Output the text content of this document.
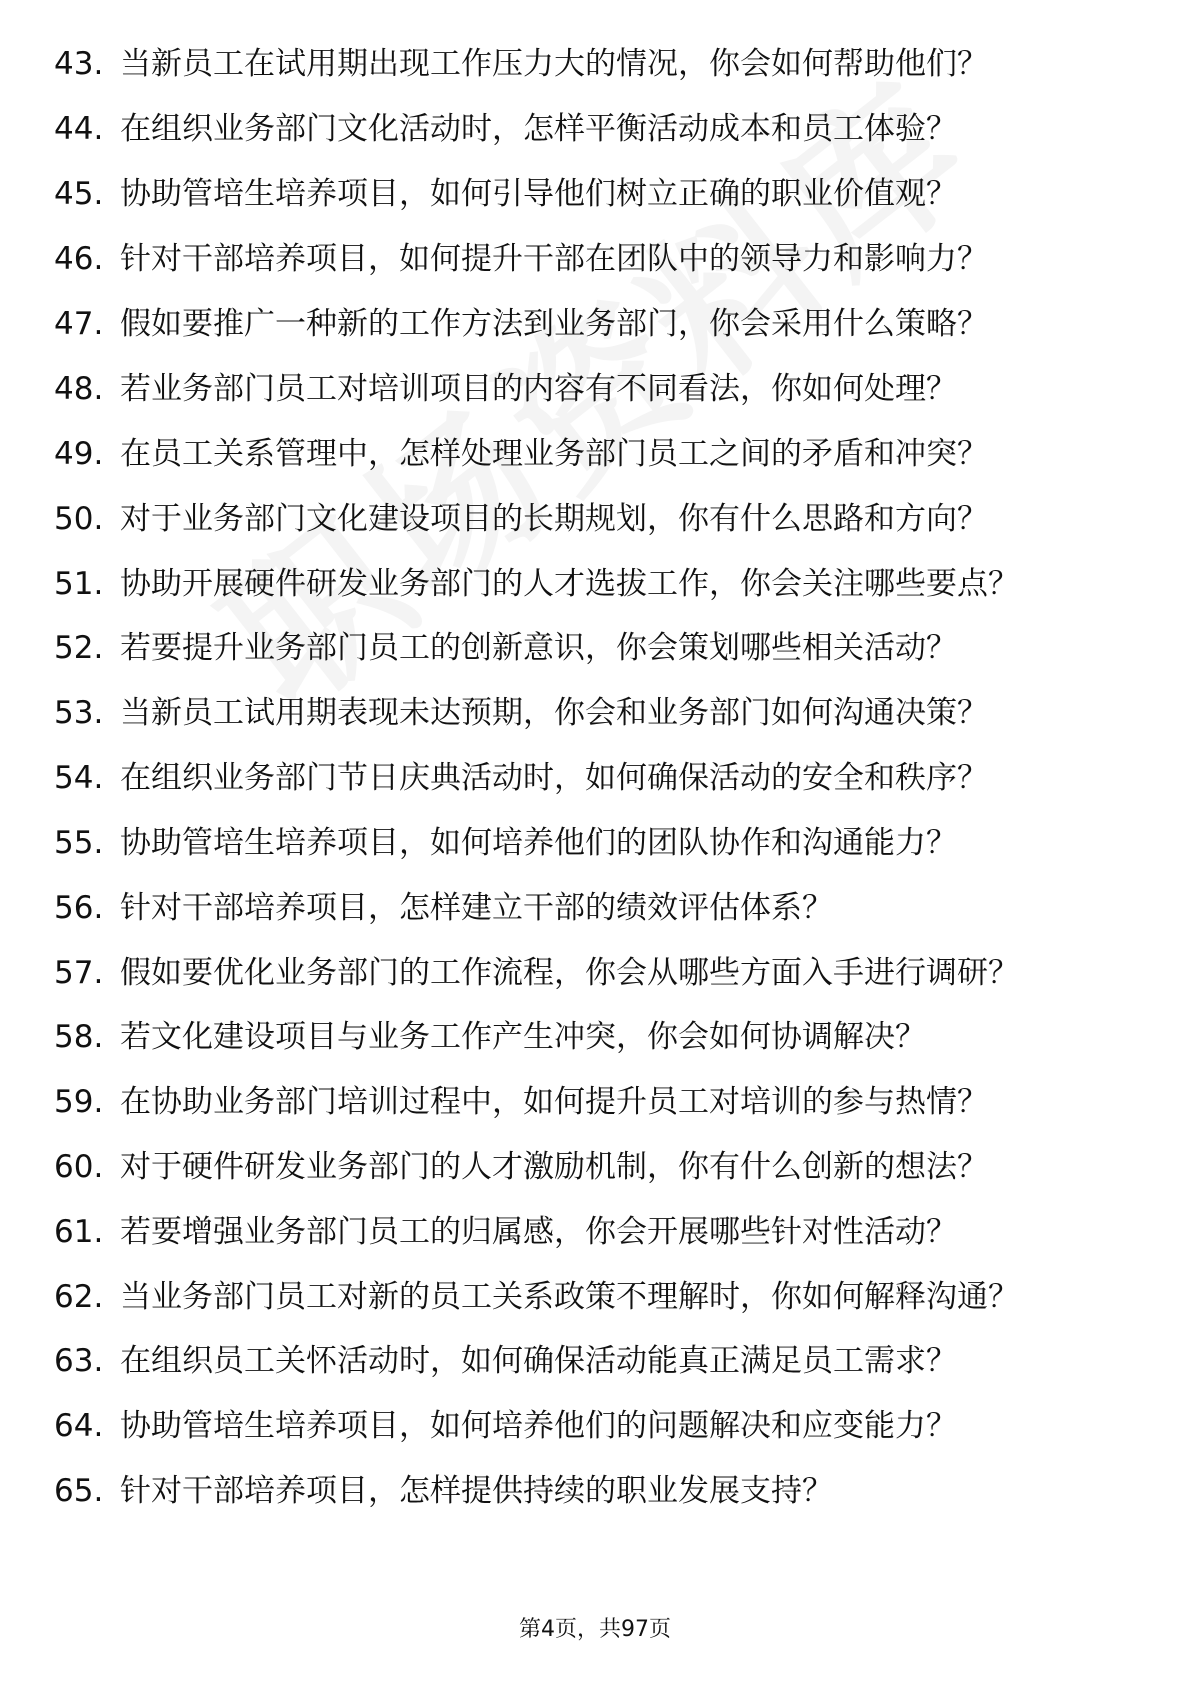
43. 当新员工在试用期出现工作压力大的情况，你会如何帮助他们？
44. 在组织业务部门文化活动时，怎样平衡活动成本和员工体验？
45. 协助管培生培养项目，如何引导他们树立正确的职业价值观？
46. 针对干部培养项目，如何提升干部在团队中的领导力和影响力？
47. 假如要推广一种新的工作方法到业务部门，你会采用什么策略？
48. 若业务部门员工对培训项目的内容有不同看法，你如何处理？
49. 在员工关系管理中，怎样处理业务部门员工之间的矛盾和冲突？
50. 对于业务部门文化建设项目的长期规划，你有什么思路和方向？
51. 协助开展硬件研发业务部门的人才选拔工作，你会关注哪些要点？
52. 若要提升业务部门员工的创新意识，你会策划哪些相关活动？
53. 当新员工试用期表现未达预期，你会和业务部门如何沟通决策？
54. 在组织业务部门节日庆典活动时，如何确保活动的安全和秩序？
55. 协助管培生培养项目，如何培养他们的团队协作和沟通能力？
56. 针对干部培养项目，怎样建立干部的绩效评估体系？
57. 假如要优化业务部门的工作流程，你会从哪些方面入手进行调研？
58. 若文化建设项目与业务工作产生冲突，你会如何协调解决？
59. 在协助业务部门培训过程中，如何提升员工对培训的参与热情？
60. 对于硬件研发业务部门的人才激励机制，你有什么创新的想法？
61. 若要增强业务部门员工的归属感，你会开展哪些针对性活动？
62. 当业务部门员工对新的员工关系政策不理解时，你如何解释沟通？
63. 在组织员工关怀活动时，如何确保活动能真正满足员工需求？
64. 协助管培生培养项目，如何培养他们的问题解决和应变能力？
65. 针对干部培养项目，怎样提供持续的职业发展支持？
第4页，共97页
